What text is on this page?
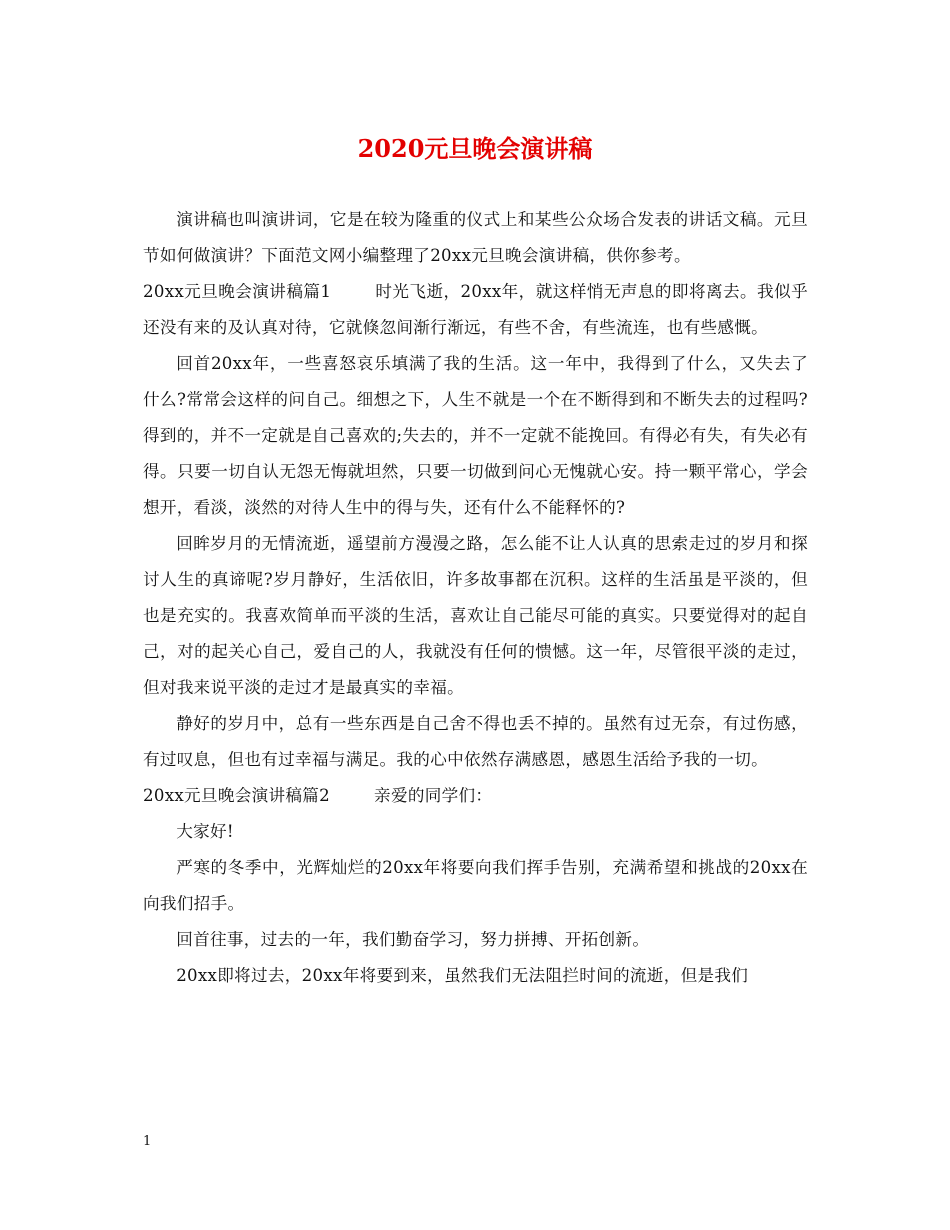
2020元旦晚会演讲稿

演讲稿也叫演讲词，它是在较为隆重的仪式上和某些公众场合发表的讲话文稿。元旦节如何做演讲？下面范文网小编整理了20xx元旦晚会演讲稿，供你参考。

20xx元旦晚会演讲稿篇1	时光飞逝，20xx年，就这样悄无声息的即将离去。我似乎还没有来的及认真对待，它就倏忽间渐行渐远，有些不舍，有些流连，也有些感慨。

回首20xx年，一些喜怒哀乐填满了我的生活。这一年中，我得到了什么，又失去了什么?常常会这样的问自己。细想之下，人生不就是一个在不断得到和不断失去的过程吗?得到的，并不一定就是自己喜欢的;失去的，并不一定就不能挽回。有得必有失，有失必有得。只要一切自认无怨无悔就坦然，只要一切做到问心无愧就心安。持一颗平常心，学会想开，看淡，淡然的对待人生中的得与失，还有什么不能释怀的?

回眸岁月的无情流逝，遥望前方漫漫之路，怎么能不让人认真的思索走过的岁月和探讨人生的真谛呢?岁月静好，生活依旧，许多故事都在沉积。这样的生活虽是平淡的，但也是充实的。我喜欢简单而平淡的生活，喜欢让自己能尽可能的真实。只要觉得对的起自己，对的起关心自己，爱自己的人，我就没有任何的愦憾。这一年，尽管很平淡的走过，但对我来说平淡的走过才是最真实的幸福。

静好的岁月中，总有一些东西是自己舍不得也丢不掉的。虽然有过无奈，有过伤感，有过叹息，但也有过幸福与满足。我的心中依然存满感恩，感恩生活给予我的一切。

20xx元旦晚会演讲稿篇2	亲爱的同学们：

大家好!

严寒的冬季中，光辉灿烂的20xx年将要向我们挥手告别，充满希望和挑战的20xx在向我们招手。

回首往事，过去的一年，我们勤奋学习，努力拼搏、开拓创新。

20xx即将过去，20xx年将要到来，虽然我们无法阻拦时间的流逝，但是我们

1
